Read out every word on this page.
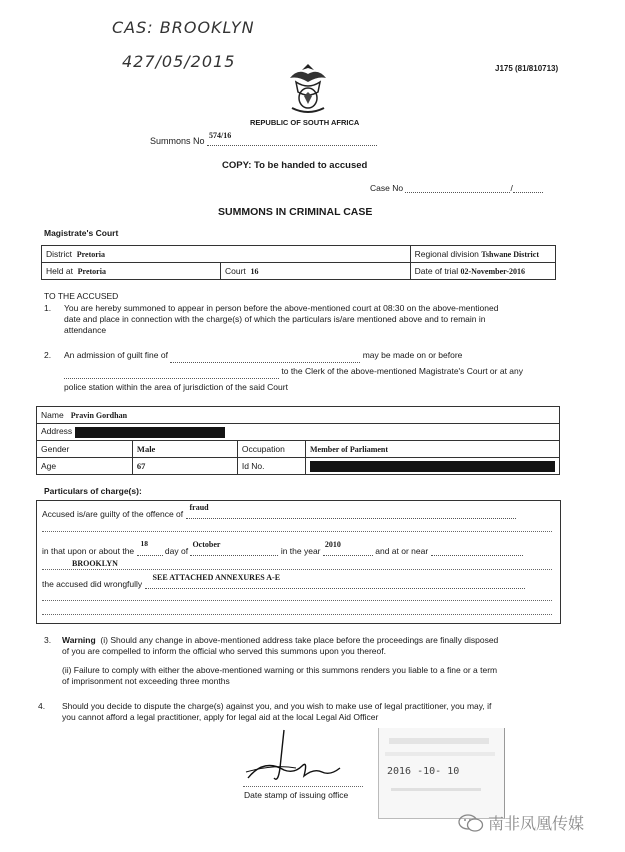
CAS: BROOKLYN
427/05/2015	J175 (81/810713)
REPUBLIC OF SOUTH AFRICA
Summons No
574/16
COPY: To be handed to accused
Case No	/
SUMMONS IN CRIMINAL CASE
Magistrate's Court
District Pretoria		Regional division Tshwane District
Held at Pretoria	Court 16	Date of trial 02-November-2016
TO THE ACCUSED
1. You are hereby summoned to appear in person before the above-mentioned court at 08:30 on the above-mentioned
date and place in connection with the charge(s) of which the particulars is/are mentioned above and to remain in
attendance
2. An admission of guilt fine of	may be made on or before
to the Clerk of the above-mentioned Magistrate's Court or at any
police station within the area of jurisdiction of the said Court
Name Pravin Gordhan			
Address			
Gender	Male	Occupation	Member of Parliament
Age	67	Id No.	
Particulars of charge(s):
Accused is/are guilty of the offence of
fraud
in that upon or about the
18
day of
October
in the year
2010
and at or near
BROOKLYN
the accused did wrongfully
SEE ATTACHED ANNEXURES A-E
3. Warning (i) Should any change in above-mentioned address take place before the proceedings are finally disposed
of you are compelled to inform the official who served this summons upon you thereof.
(ii) Failure to comply with either the above-mentioned warning or this summons renders you liable to a fine or a term
of imprisonment not exceeding three months
4. Should you decide to dispute the charge(s) against you, and you wish to make use of legal practitioner, you may, if
you cannot afford a legal practitioner, apply for legal aid at the local Legal Aid Officer
2016 -10- 10
Date stamp of issuing office
南非凤凰传媒
